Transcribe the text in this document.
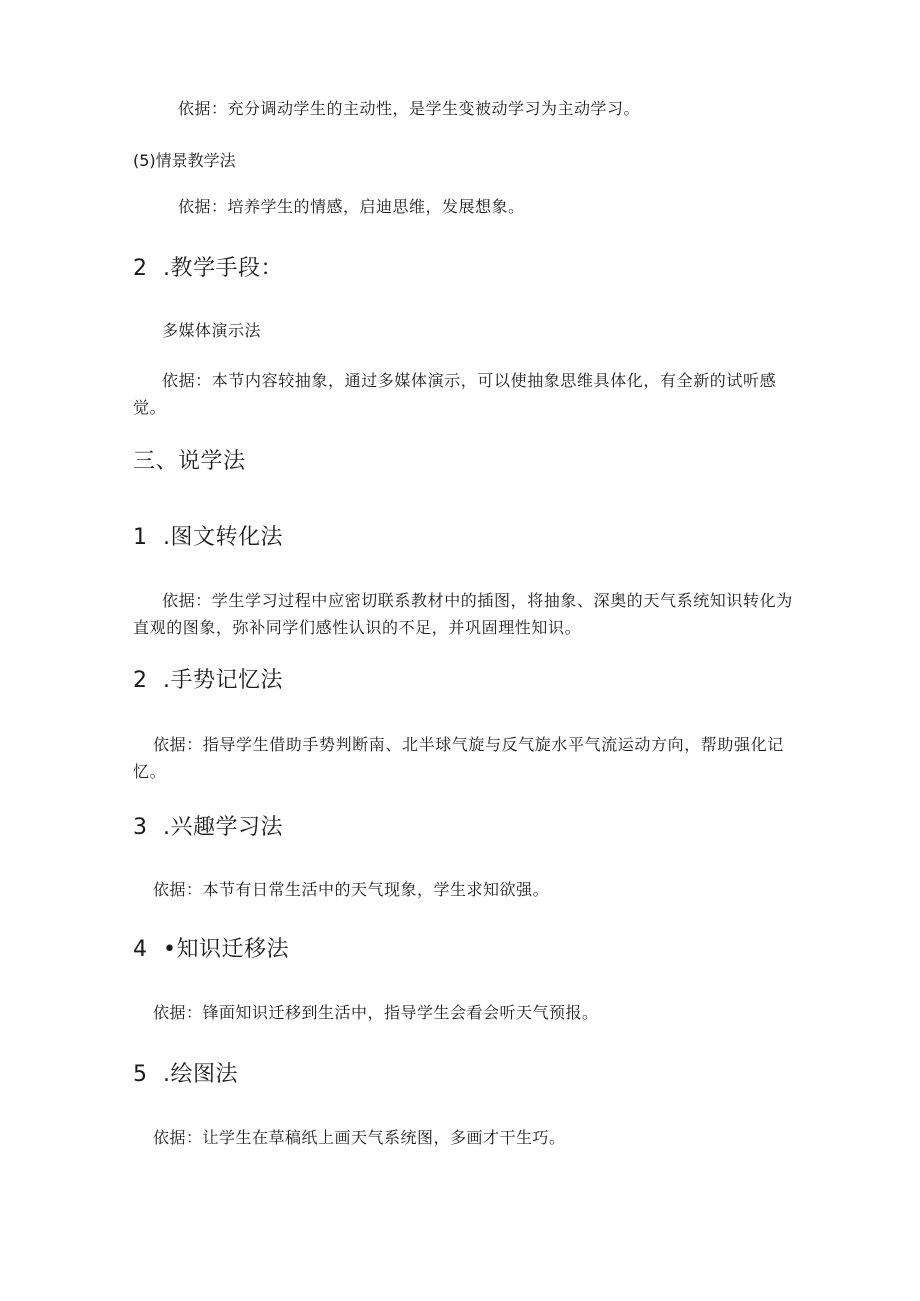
依据：充分调动学生的主动性，是学生变被动学习为主动学习。

(5)情景教学法

依据：培养学生的情感，启迪思维，发展想象。

2 .教学手段：

多媒体演示法

依据：本节内容较抽象，通过多媒体演示，可以使抽象思维具体化，有全新的试听感觉。

三、说学法
1 .图文转化法

依据：学生学习过程中应密切联系教材中的插图，将抽象、深奥的天气系统知识转化为直观的图象，弥补同学们感性认识的不足，并巩固理性知识。

2 .手势记忆法

依据：指导学生借助手势判断南、北半球气旋与反气旋水平气流运动方向，帮助强化记忆。

3 .兴趣学习法

依据：本节有日常生活中的天气现象，学生求知欲强。

4 •知识迁移法

依据：锋面知识迁移到生活中，指导学生会看会听天气预报。

5 .绘图法

依据：让学生在草稿纸上画天气系统图，多画才干生巧。
